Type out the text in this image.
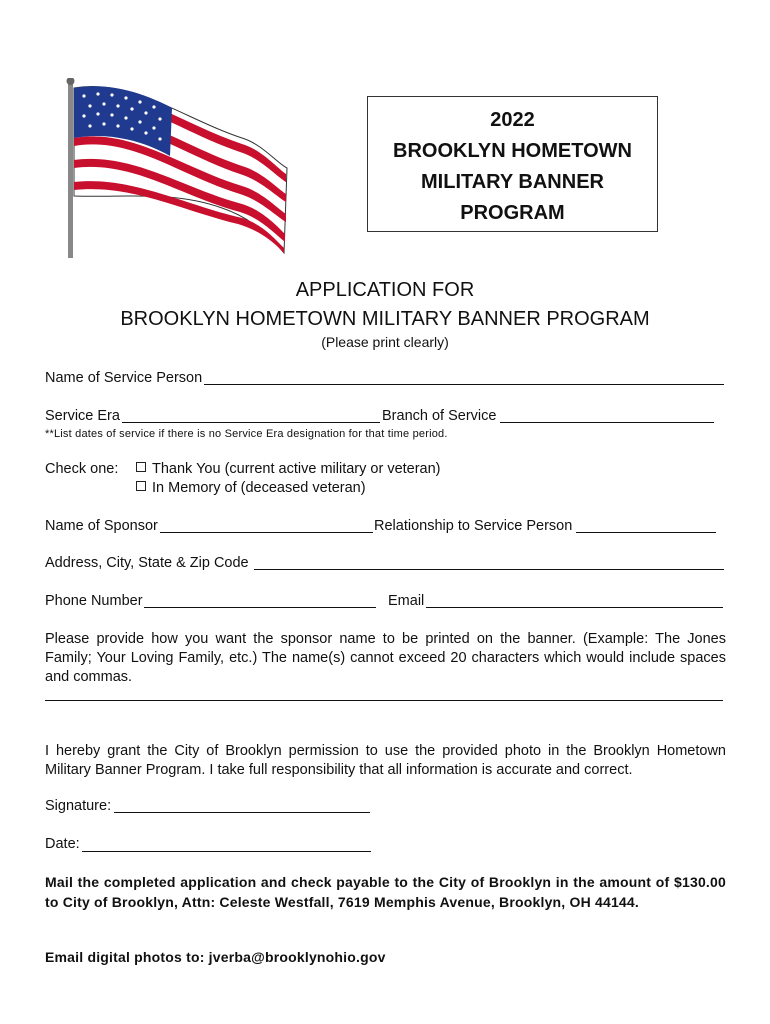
2022
BROOKLYN HOMETOWN
MILITARY BANNER
PROGRAM
APPLICATION FOR
BROOKLYN HOMETOWN MILITARY BANNER PROGRAM
(Please print clearly)
Name of Service Person
Service Era	Branch of Service
**List dates of service if there is no Service Era designation for that time period.
Check one:	Thank You (current active military or veteran)
In Memory of (deceased veteran)
Name of Sponsor	Relationship to Service Person
Address, City, State & Zip Code
Phone Number	Email
Please provide how you want the sponsor name to be printed on the banner. (Example: The Jones Family; Your Loving Family, etc.) The name(s) cannot exceed 20 characters which would include spaces and commas.
I hereby grant the City of Brooklyn permission to use the provided photo in the Brooklyn Hometown Military Banner Program. I take full responsibility that all information is accurate and correct.
Signature:
Date:
Mail the completed application and check payable to the City of Brooklyn in the amount of $130.00 to City of Brooklyn, Attn: Celeste Westfall, 7619 Memphis Avenue, Brooklyn, OH 44144.
Email digital photos to: jverba@brooklynohio.gov
